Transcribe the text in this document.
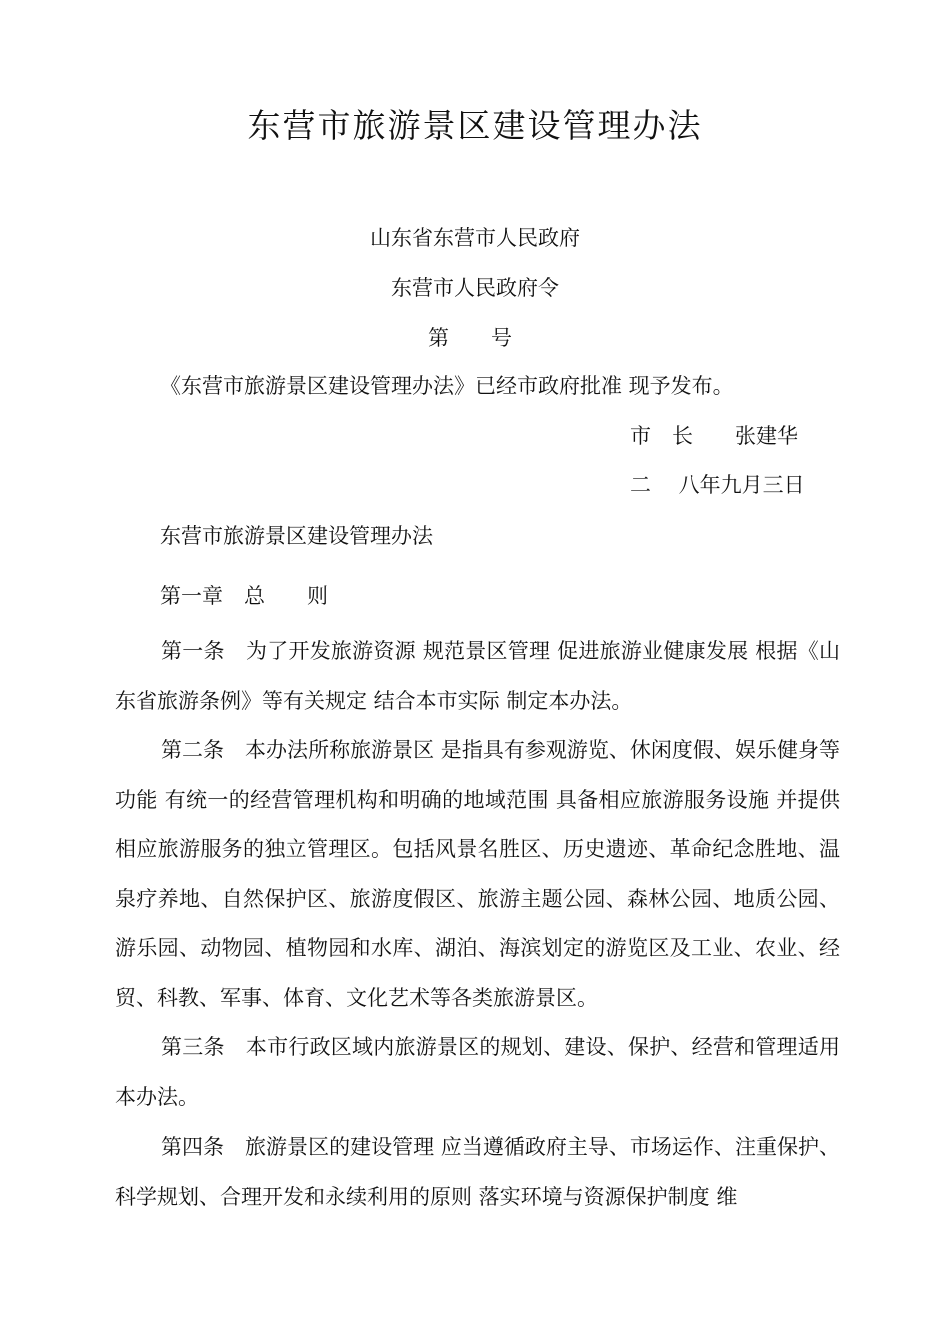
东营市旅游景区建设管理办法
山东省东营市人民政府
东营市人民政府令
第　　号
《东营市旅游景区建设管理办法》已经市政府批准 现予发布。
市　长　　张建华
二　 八年九月三日
东营市旅游景区建设管理办法
第一章　总　　则
第一条　为了开发旅游资源 规范景区管理 促进旅游业健康发展 根据《山东省旅游条例》等有关规定 结合本市实际 制定本办法。
第二条　本办法所称旅游景区 是指具有参观游览、休闲度假、娱乐健身等功能 有统一的经营管理机构和明确的地域范围 具备相应旅游服务设施 并提供相应旅游服务的独立管理区。包括风景名胜区、历史遗迹、革命纪念胜地、温泉疗养地、自然保护区、旅游度假区、旅游主题公园、森林公园、地质公园、游乐园、动物园、植物园和水库、湖泊、海滨划定的游览区及工业、农业、经贸、科教、军事、体育、文化艺术等各类旅游景区。
第三条　本市行政区域内旅游景区的规划、建设、保护、经营和管理适用本办法。
第四条　旅游景区的建设管理 应当遵循政府主导、市场运作、注重保护、科学规划、合理开发和永续利用的原则 落实环境与资源保护制度 维
